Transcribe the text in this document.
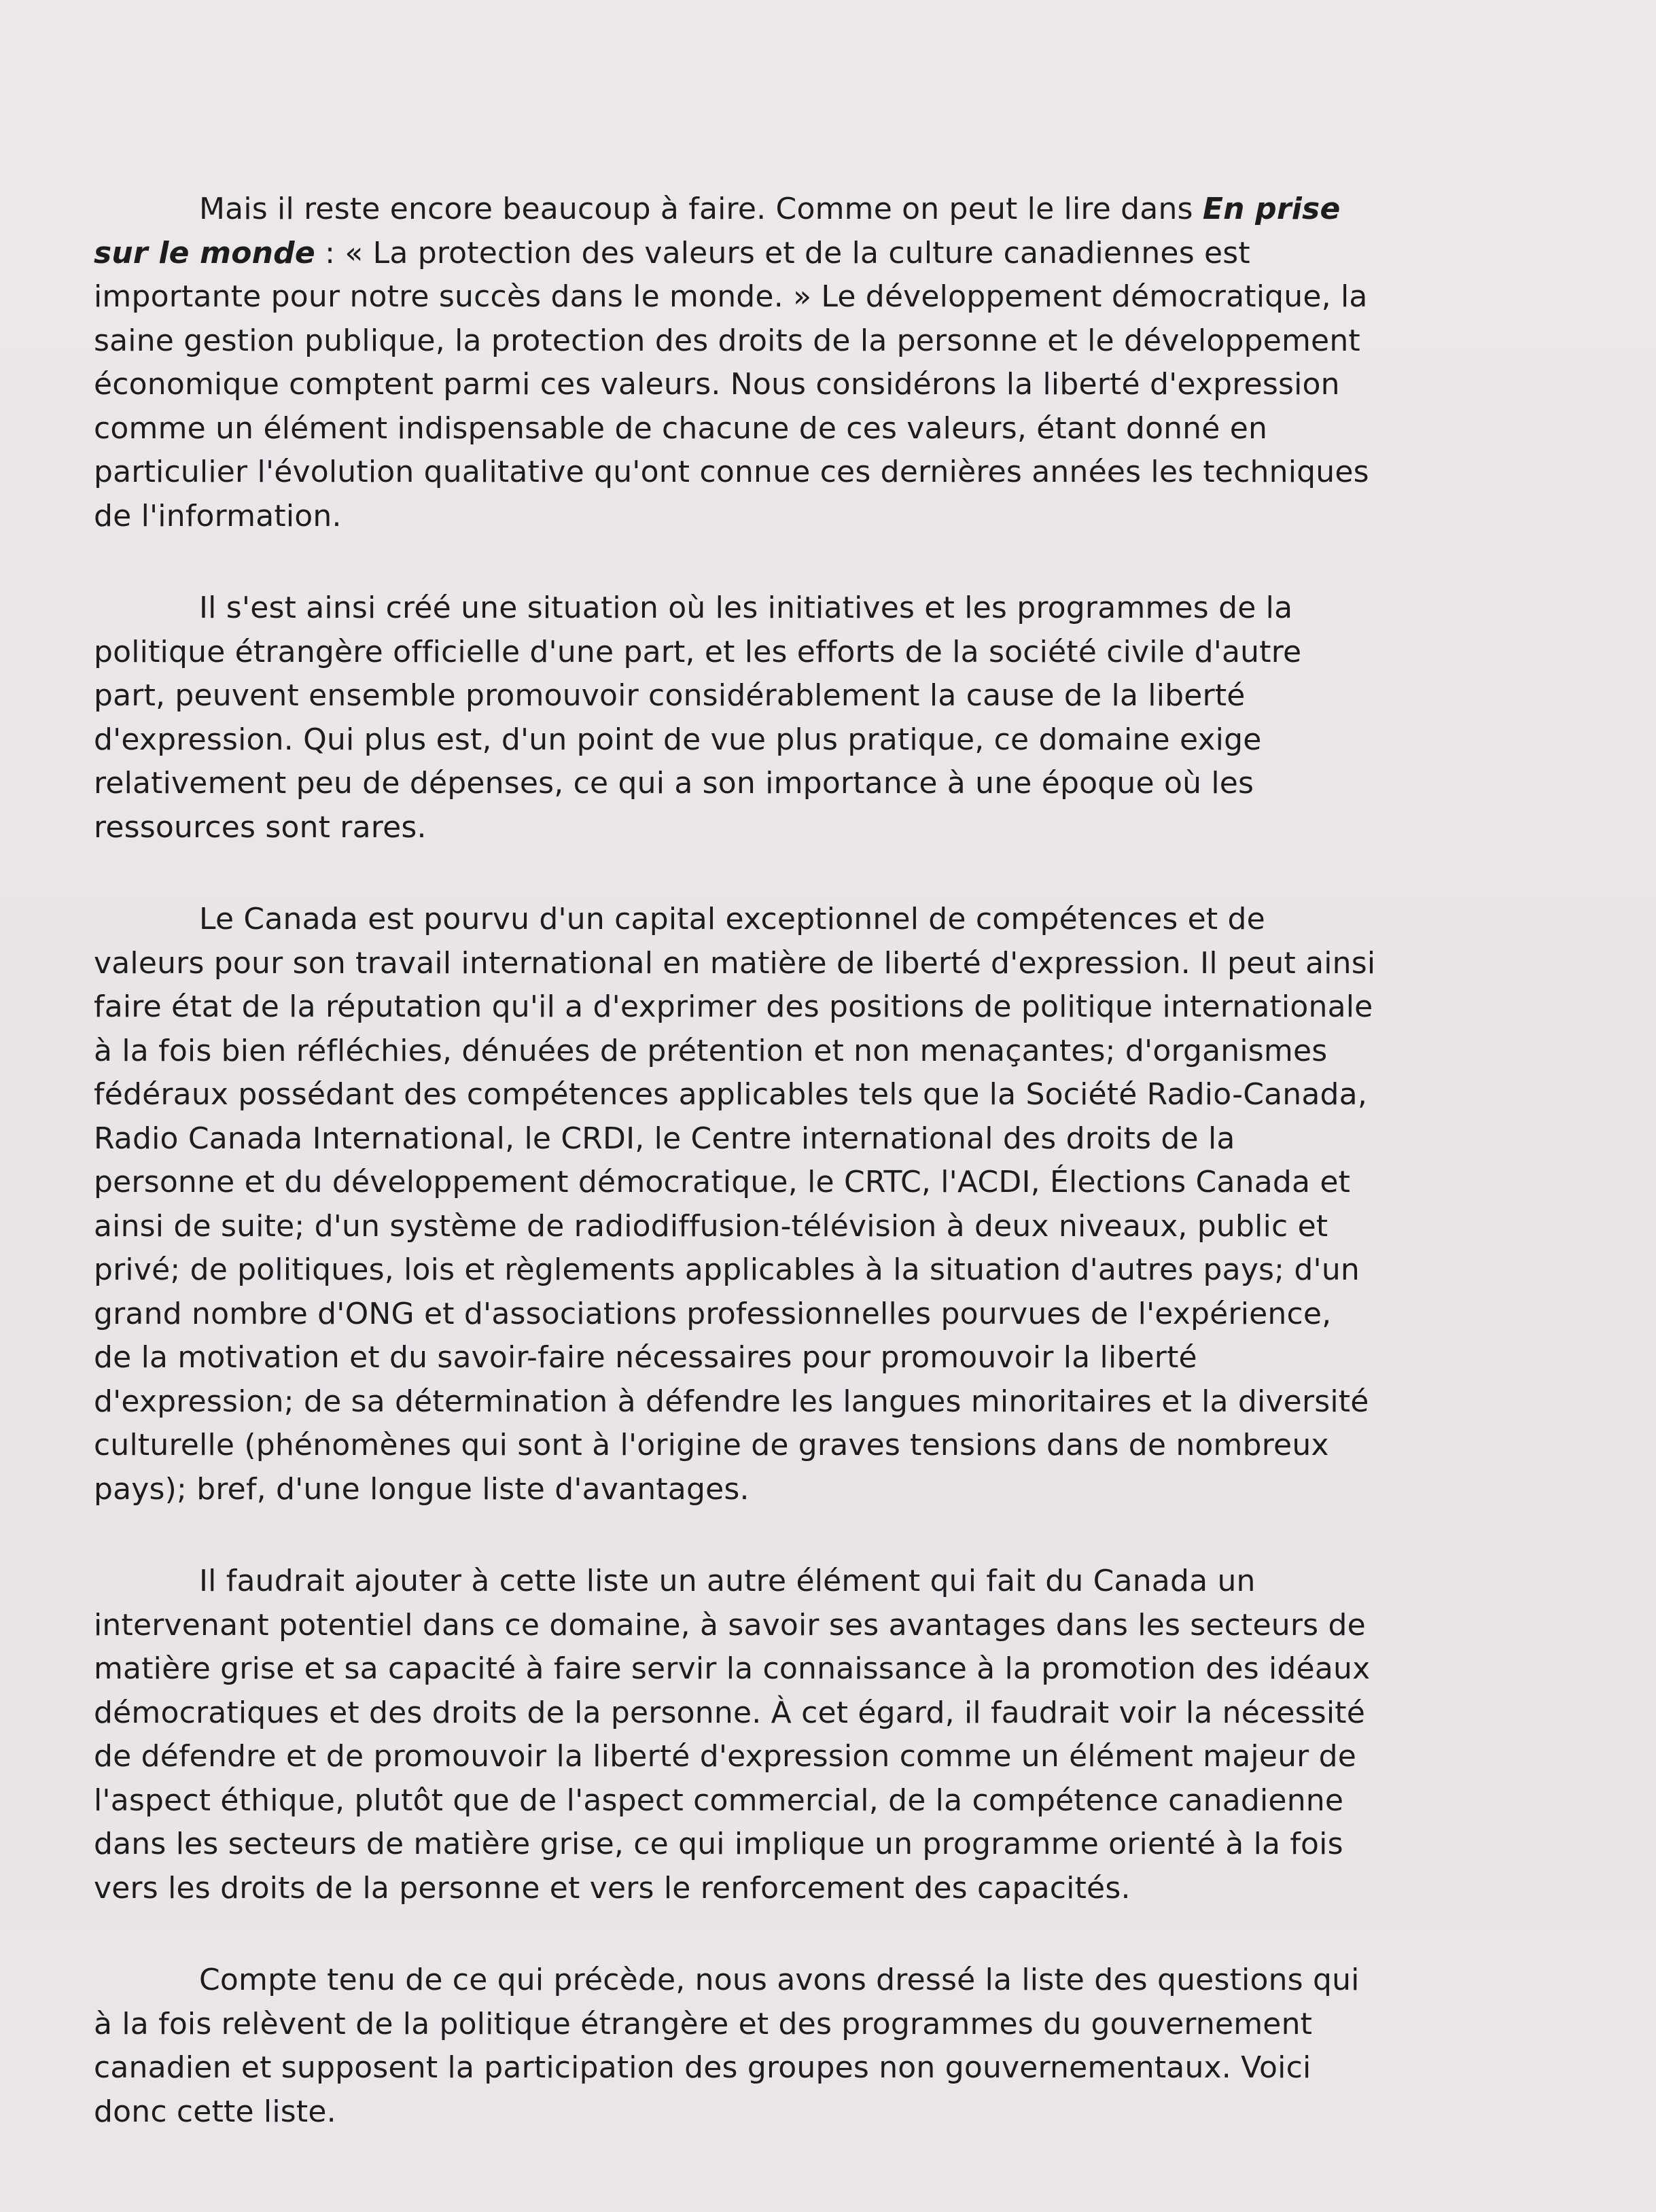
Mais il reste encore beaucoup à faire. Comme on peut le lire dans En prise
sur le monde : « La protection des valeurs et de la culture canadiennes est
importante pour notre succès dans le monde. » Le développement démocratique, la
saine gestion publique, la protection des droits de la personne et le développement
économique comptent parmi ces valeurs. Nous considérons la liberté d'expression
comme un élément indispensable de chacune de ces valeurs, étant donné en
particulier l'évolution qualitative qu'ont connue ces dernières années les techniques
de l'information.

Il s'est ainsi créé une situation où les initiatives et les programmes de la
politique étrangère officielle d'une part, et les efforts de la société civile d'autre
part, peuvent ensemble promouvoir considérablement la cause de la liberté
d'expression. Qui plus est, d'un point de vue plus pratique, ce domaine exige
relativement peu de dépenses, ce qui a son importance à une époque où les
ressources sont rares.

Le Canada est pourvu d'un capital exceptionnel de compétences et de
valeurs pour son travail international en matière de liberté d'expression. Il peut ainsi
faire état de la réputation qu'il a d'exprimer des positions de politique internationale
à la fois bien réfléchies, dénuées de prétention et non menaçantes; d'organismes
fédéraux possédant des compétences applicables tels que la Société Radio-Canada,
Radio Canada International, le CRDI, le Centre international des droits de la
personne et du développement démocratique, le CRTC, l'ACDI, Élections Canada et
ainsi de suite; d'un système de radiodiffusion-télévision à deux niveaux, public et
privé; de politiques, lois et règlements applicables à la situation d'autres pays; d'un
grand nombre d'ONG et d'associations professionnelles pourvues de l'expérience,
de la motivation et du savoir-faire nécessaires pour promouvoir la liberté
d'expression; de sa détermination à défendre les langues minoritaires et la diversité
culturelle (phénomènes qui sont à l'origine de graves tensions dans de nombreux
pays); bref, d'une longue liste d'avantages.

Il faudrait ajouter à cette liste un autre élément qui fait du Canada un
intervenant potentiel dans ce domaine, à savoir ses avantages dans les secteurs de
matière grise et sa capacité à faire servir la connaissance à la promotion des idéaux
démocratiques et des droits de la personne. À cet égard, il faudrait voir la nécessité
de défendre et de promouvoir la liberté d'expression comme un élément majeur de
l'aspect éthique, plutôt que de l'aspect commercial, de la compétence canadienne
dans les secteurs de matière grise, ce qui implique un programme orienté à la fois
vers les droits de la personne et vers le renforcement des capacités.

Compte tenu de ce qui précède, nous avons dressé la liste des questions qui
à la fois relèvent de la politique étrangère et des programmes du gouvernement
canadien et supposent la participation des groupes non gouvernementaux. Voici
donc cette liste.
